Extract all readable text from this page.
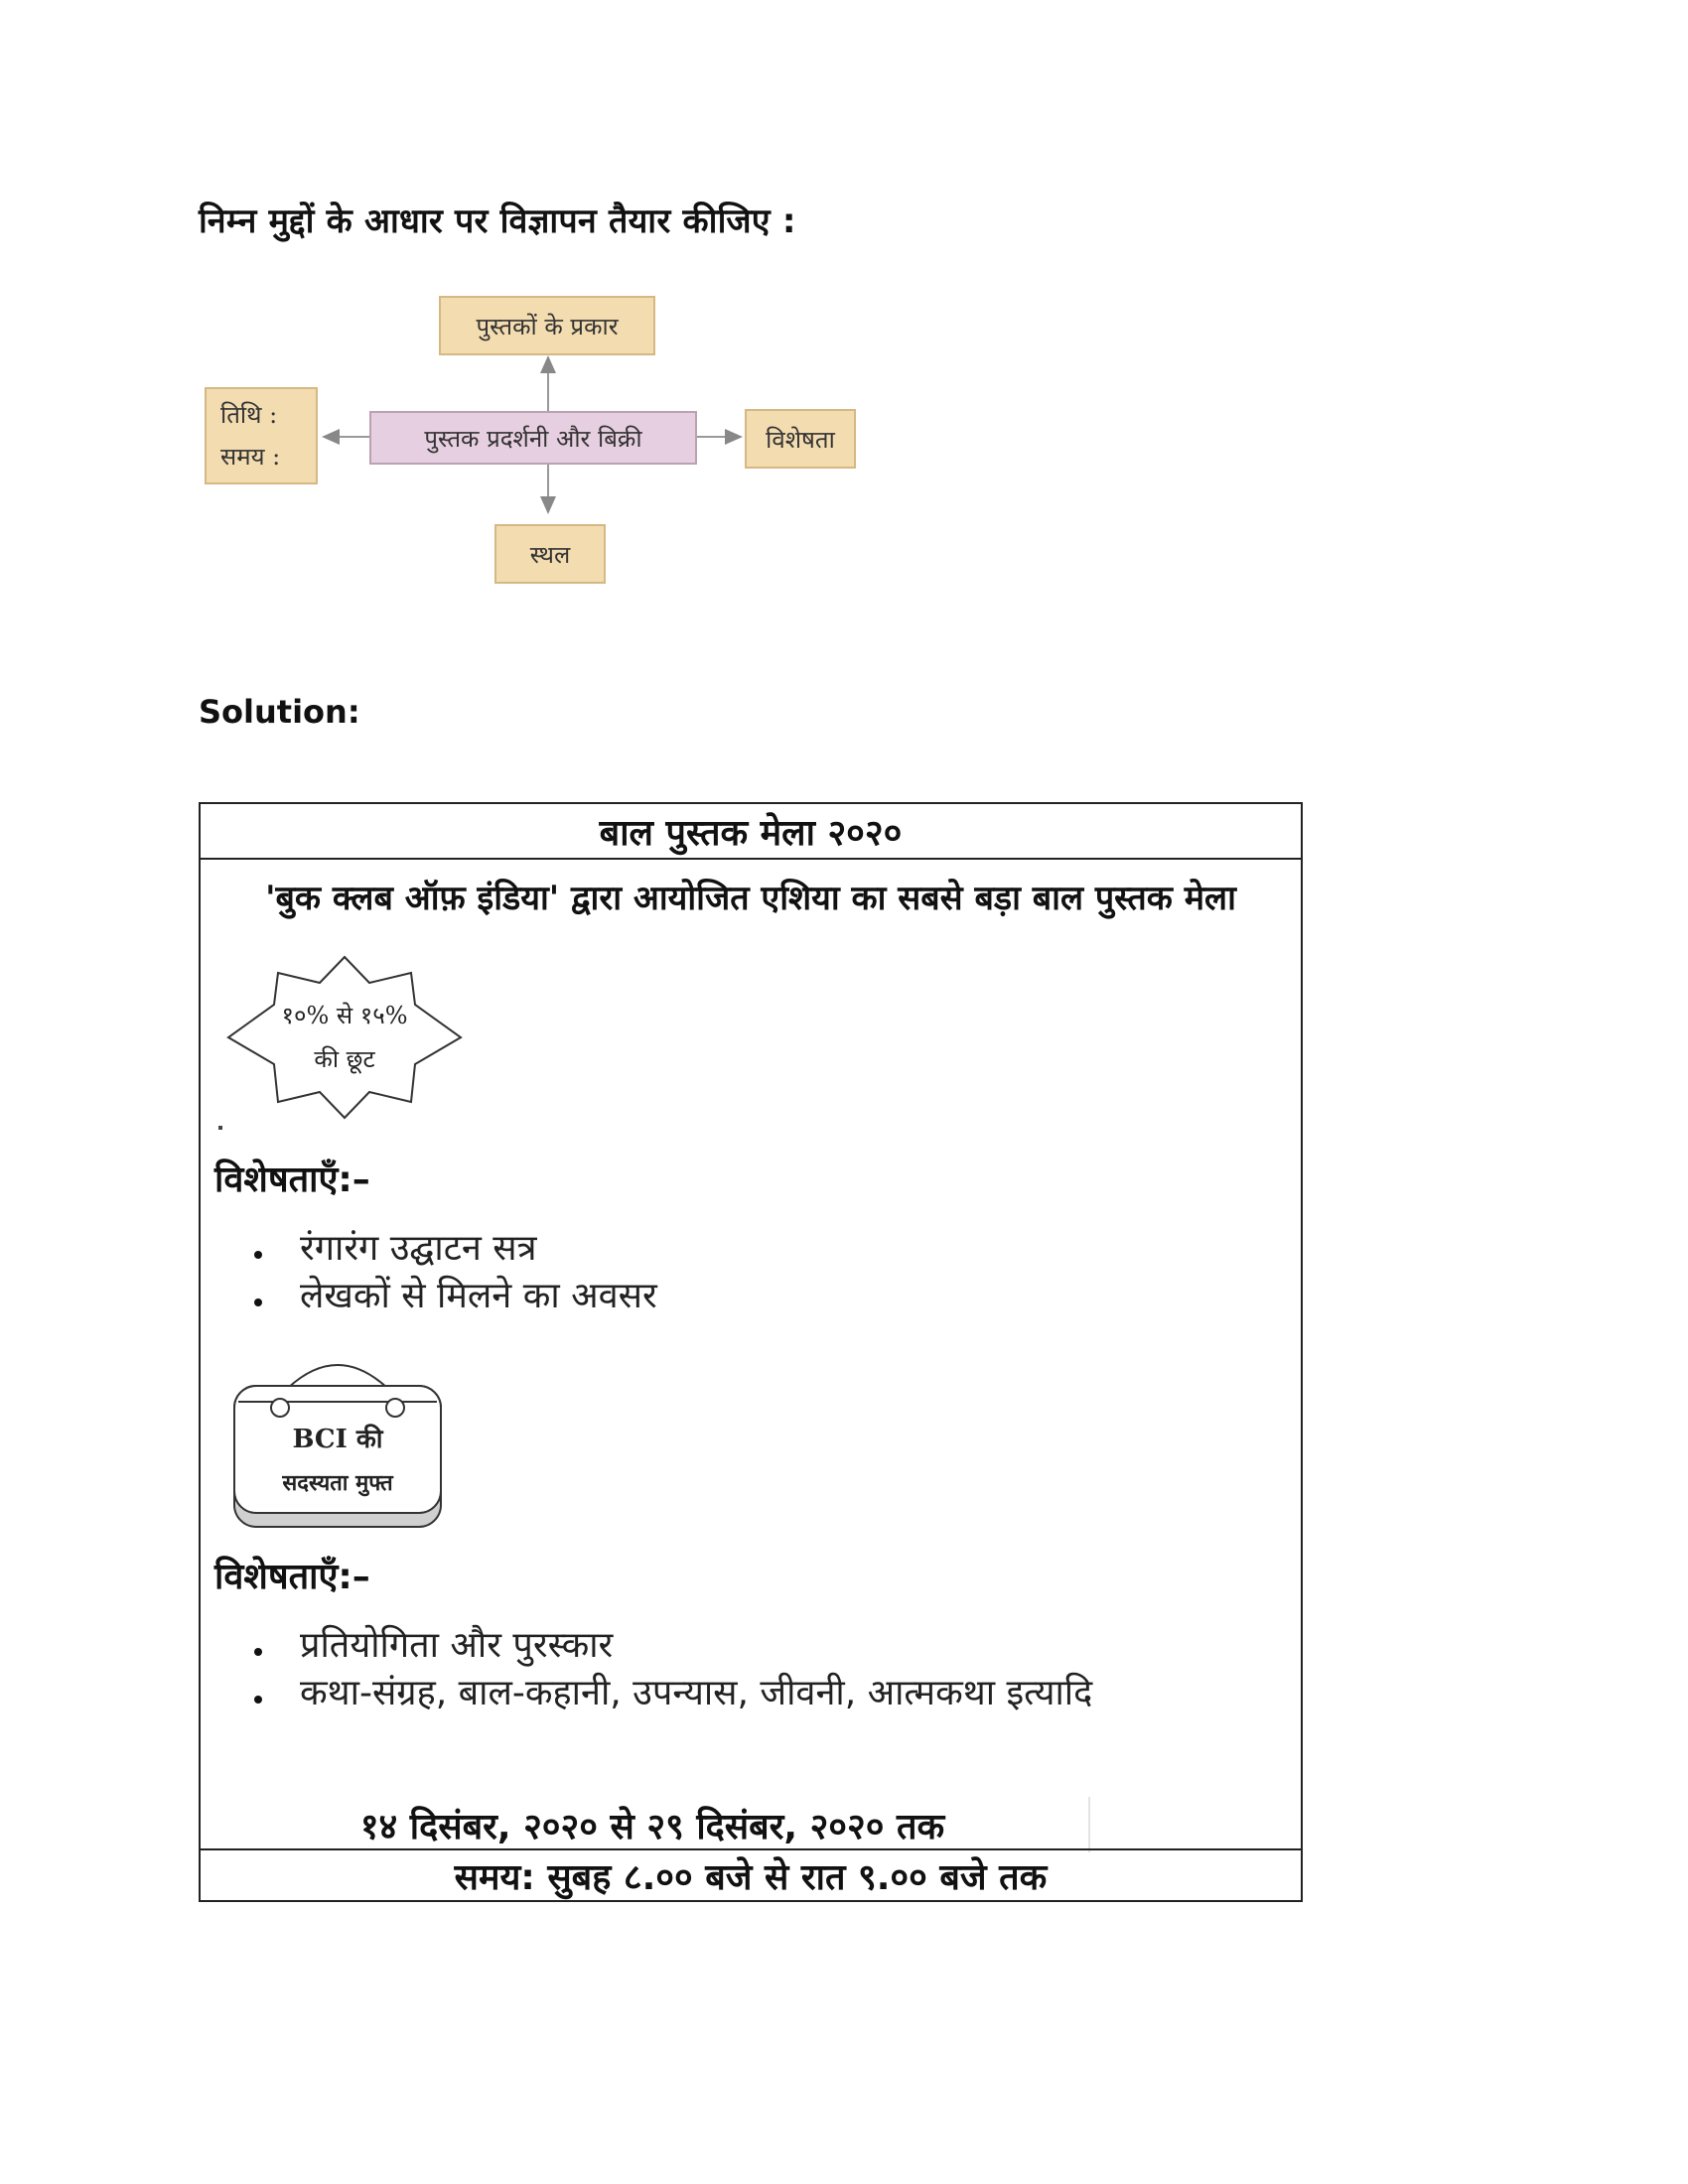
निम्न मुद्दों के आधार पर विज्ञापन तैयार कीजिए :
पुस्तकों के प्रकार
पुस्तक प्रदर्शनी और बिक्री
तिथि :
समय :
विशेषता
स्थल
Solution:
बाल पुस्तक मेला २०२०
'बुक क्लब ऑफ़ इंडिया' द्वारा आयोजित एशिया का सबसे बड़ा बाल पुस्तक मेला
१०% से १५%
की छूट
विशेषताएँ:–
रंगारंग उद्घाटन सत्र
लेखकों से मिलने का अवसर
BCI की
सदस्यता मुफ्त
विशेषताएँ:–
प्रतियोगिता और पुरस्कार
कथा-संग्रह, बाल-कहानी, उपन्यास, जीवनी, आत्मकथा इत्यादि
१४ दिसंबर, २०२० से २९ दिसंबर, २०२० तक
समय: सुबह ८.०० बजे से रात ९.०० बजे तक
